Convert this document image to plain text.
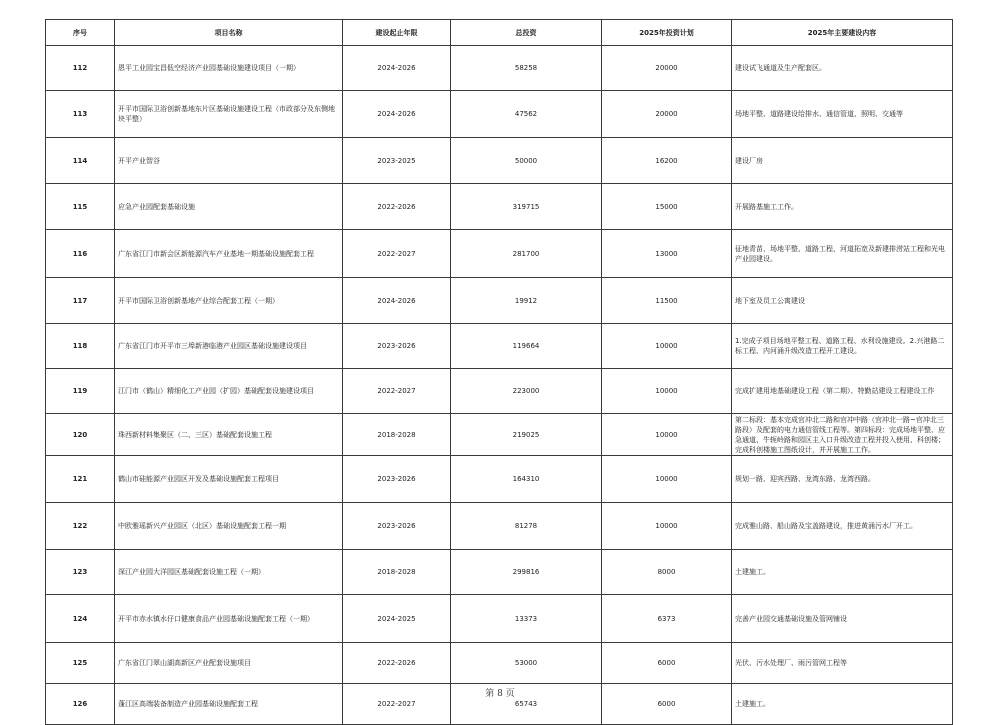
序号	项目名称	建设起止年限	总投资	2025年投资计划	2025年主要建设内容
112	恩平工业园宝昌低空经济产业园基础设施建设项目（一期）	2024-2026	58258	20000	建设试飞通道及生产配套区。
113	开平市国际卫浴创新基地东片区基础设施建设工程（市政部分及东侧地块平整）	2024-2026	47562	20000	场地平整、道路建设给排水、通信管道、照明、交通等
114	开平产业智谷	2023-2025	50000	16200	建设厂房
115	应急产业园配套基础设施	2022-2026	319715	15000	开展路基施工工作。
116	广东省江门市新会区新能源汽车产业基地一期基础设施配套工程	2022-2027	281700	13000	征地青苗、场地平整、道路工程、河道拓宽及新建排涝站工程和光电产业园建设。
117	开平市国际卫浴创新基地产业综合配套工程（一期）	2024-2026	19912	11500	地下室及员工公寓建设
118	广东省江门市开平市三埠新港临港产业园区基础设施建设项目	2023-2026	119664	10000	1.完成子项目场地平整工程、道路工程、水利设施建设。2.兴港路二标工程、内河涌升级改造工程开工建设。
119	江门市（鹤山）精细化工产业园（扩园）基础配套设施建设项目	2022-2027	223000	10000	完成扩建用地基础建设工程（第二期）、特勤站建设工程建设工作
120	珠西新材料集聚区（二、三区）基础配套设施工程	2018-2028	219025	10000	第二标段：基本完成官冲北二路和官冲中路（官冲北一路~官冲北三路段）及配套的电力通信管线工程等。第四标段：完成场地平整、应急通道、牛轭岭路和园区主入口升级改造工程并投入使用、科创楼；完成科创楼施工图纸设计，并开展施工工作。
121	鹤山市硅能源产业园区开发及基础设施配套工程项目	2023-2026	164310	10000	规划一路、迎宾西路、龙湾东路、龙湾西路。
122	中欧雅瑶新兴产业园区（北区）基础设施配套工程一期	2023-2026	81278	10000	完成雅山路、船山路及宝盖路建设，推进黄涌污水厂开工。
123	深江产业园大洋园区基础配套设施工程（一期）	2018-2028	299816	8000	土建施工。
124	开平市赤水镇水仔口健康食品产业园基础设施配套工程（一期）	2024-2025	13373	6373	完善产业园交通基础设施及管网铺设
125	广东省江门翠山湖高新区产业配套设施项目	2022-2026	53000	6000	光伏、污水处理厂、雨污管网工程等
126	蓬江区高端装备制造产业园基础设施配套工程	2022-2027	65743	6000	土建施工。
第 8 页
